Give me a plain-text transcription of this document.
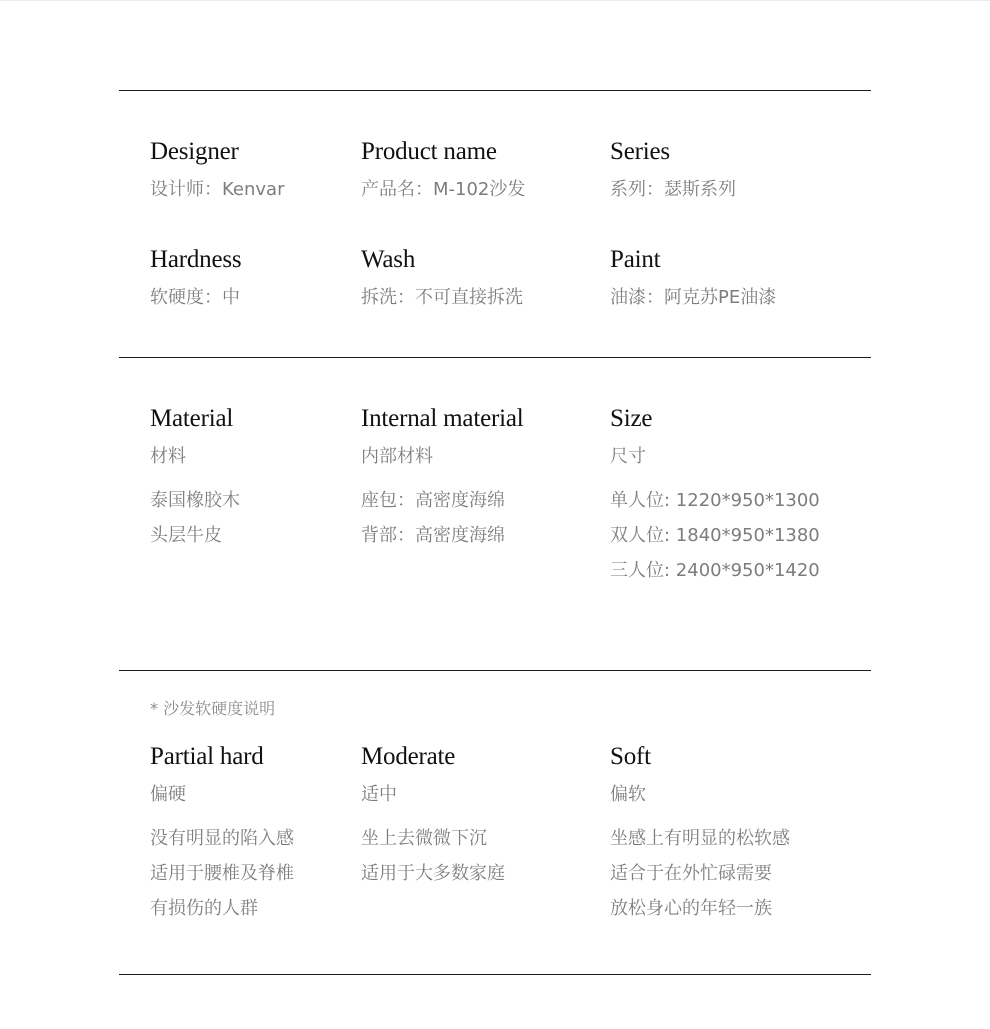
Designer
设计师：Kenvar
Product name
产品名：M-102沙发
Series
系列：瑟斯系列
Hardness
软硬度：中
Wash
拆洗：不可直接拆洗
Paint
油漆：阿克苏PE油漆
Material
材料
泰国橡胶木
头层牛皮
Internal material
内部材料
座包：高密度海绵
背部：高密度海绵
Size
尺寸
单人位: 1220*950*1300
双人位: 1840*950*1380
三人位: 2400*950*1420
* 沙发软硬度说明
Partial hard
偏硬
没有明显的陷入感
适用于腰椎及脊椎
有损伤的人群
Moderate
适中
坐上去微微下沉
适用于大多数家庭
Soft
偏软
坐感上有明显的松软感
适合于在外忙碌需要
放松身心的年轻一族
